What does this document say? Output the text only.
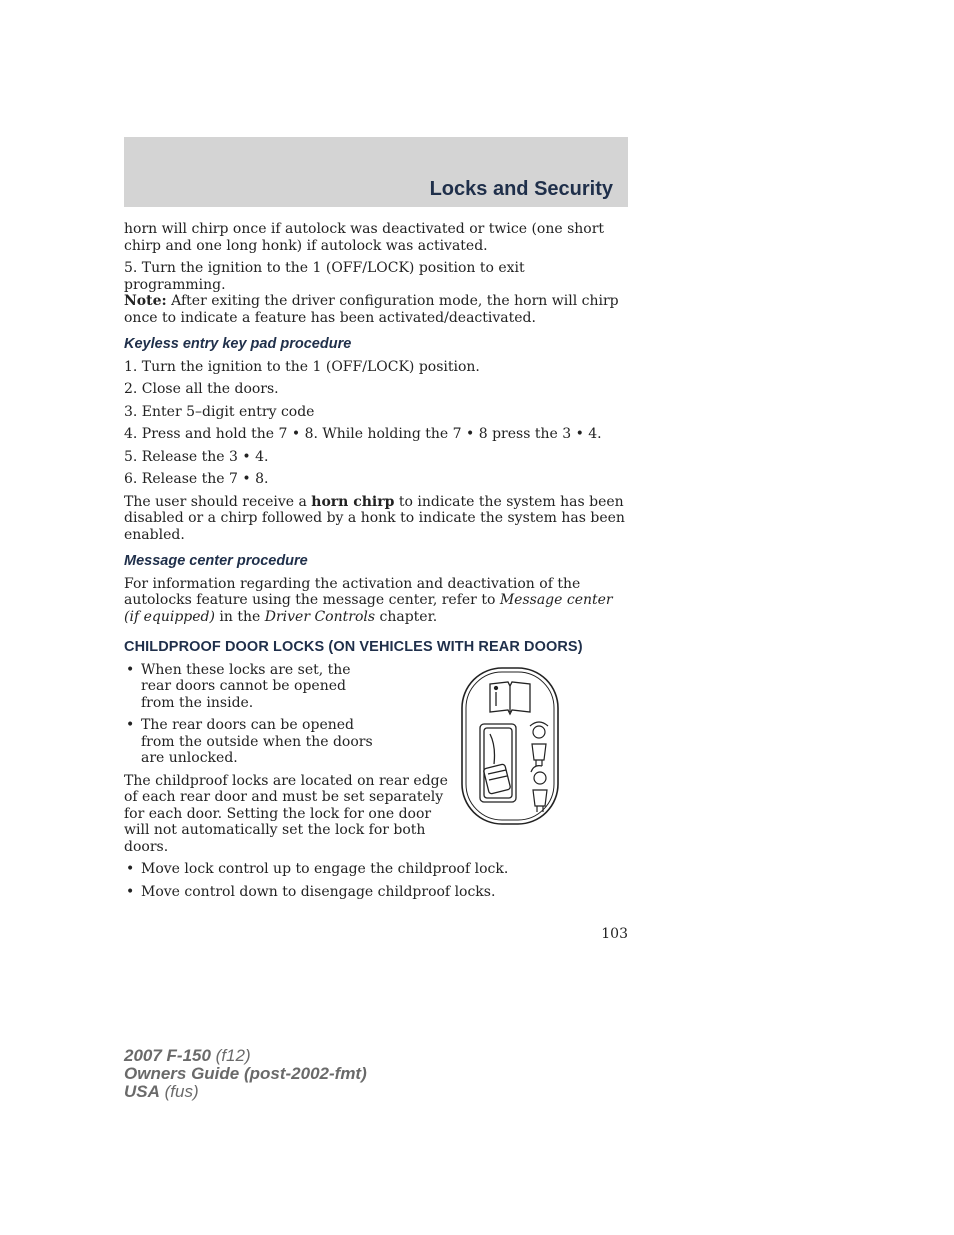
Locks and Security

horn will chirp once if autolock was deactivated or twice (one short chirp and one long honk) if autolock was activated.

5. Turn the ignition to the 1 (OFF/LOCK) position to exit programming.
Note: After exiting the driver configuration mode, the horn will chirp once to indicate a feature has been activated/deactivated.

Keyless entry key pad procedure

1. Turn the ignition to the 1 (OFF/LOCK) position.

2. Close all the doors.

3. Enter 5–digit entry code

4. Press and hold the 7 • 8. While holding the 7 • 8 press the 3 • 4.

5. Release the 3 • 4.

6. Release the 7 • 8.

The user should receive a horn chirp to indicate the system has been disabled or a chirp followed by a honk to indicate the system has been enabled.

Message center procedure

For information regarding the activation and deactivation of the autolocks feature using the message center, refer to Message center (if equipped) in the Driver Controls chapter.

CHILDPROOF DOOR LOCKS (ON VEHICLES WITH REAR DOORS)
• When these locks are set, the rear doors cannot be opened from the inside.
• The rear doors can be opened from the outside when the doors are unlocked.

The childproof locks are located on rear edge of each rear door and must be set separately for each door. Setting the lock for one door will not automatically set the lock for both doors.

• Move lock control up to engage the childproof lock.
• Move control down to disengage childproof locks.

103

2007 F-150 (f12)
Owners Guide (post-2002-fmt)
USA (fus)
